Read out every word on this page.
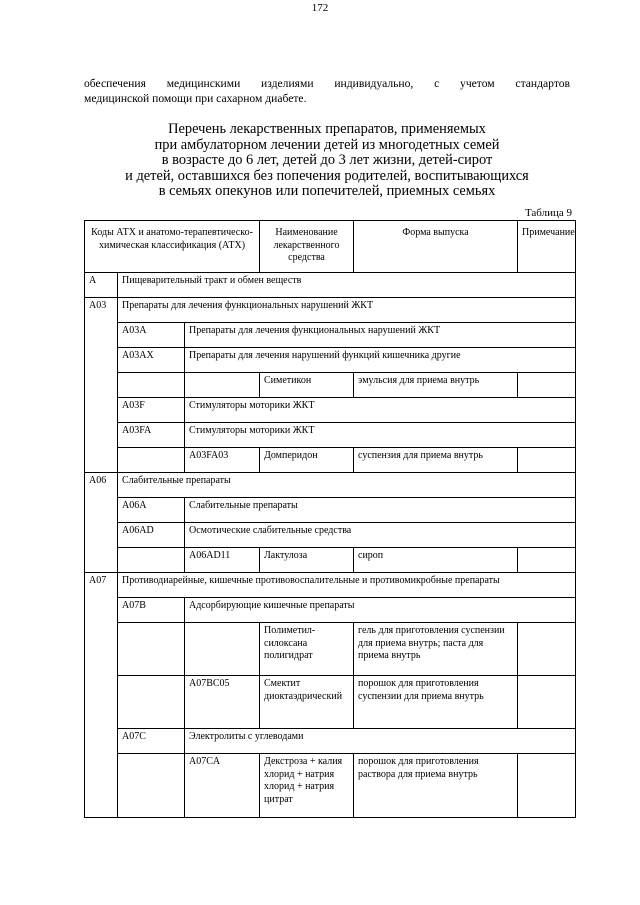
172
обеспечения медицинскими изделиями индивидуально, с учетом стандартов
медицинской помощи при сахарном диабете.
Перечень лекарственных препаратов, применяемых
при амбулаторном лечении детей из многодетных семей
в возрасте до 6 лет, детей до 3 лет жизни, детей-сирот
и детей, оставшихся без попечения родителей, воспитывающихся
в семьях опекунов или попечителей, приемных семьях
Таблица 9
Коды АТХ и анатомо-терапевтическо-химическая классификация (АТХ)			Наименование лекарственного средства	Форма выпуска	Примечание
A	Пищеварительный тракт и обмен веществ				
A03	Препараты для лечения функциональных нарушений ЖКТ				
	A03A	Препараты для лечения функциональных нарушений ЖКТ			
	A03AX	Препараты для лечения нарушений функций кишечника другие			
			Симетикон	эмульсия для приема внутрь	
	A03F	Стимуляторы моторики ЖКТ			
	A03FA	Стимуляторы моторики ЖКТ			
		A03FA03	Домперидон	суспензия для приема внутрь	
A06	Слабительные препараты				
	A06A	Слабительные препараты			
	A06AD	Осмотические слабительные средства			
		A06AD11	Лактулоза	сироп	
A07	Противодиарейные, кишечные противовоспалительные и противомикробные препараты				
	A07B	Адсорбирующие кишечные препараты			
			Полиметил-силоксана полигидрат	гель для приготовления суспензии для приема внутрь; паста для приема внутрь	
		A07BC05	Смектит диоктаэдрический	порошок для приготовления суспензии для приема внутрь	
	A07C	Электролиты с углеводами			
		A07CA	Декстроза + калия хлорид + натрия хлорид + натрия цитрат	порошок для приготовления раствора для приема внутрь	
